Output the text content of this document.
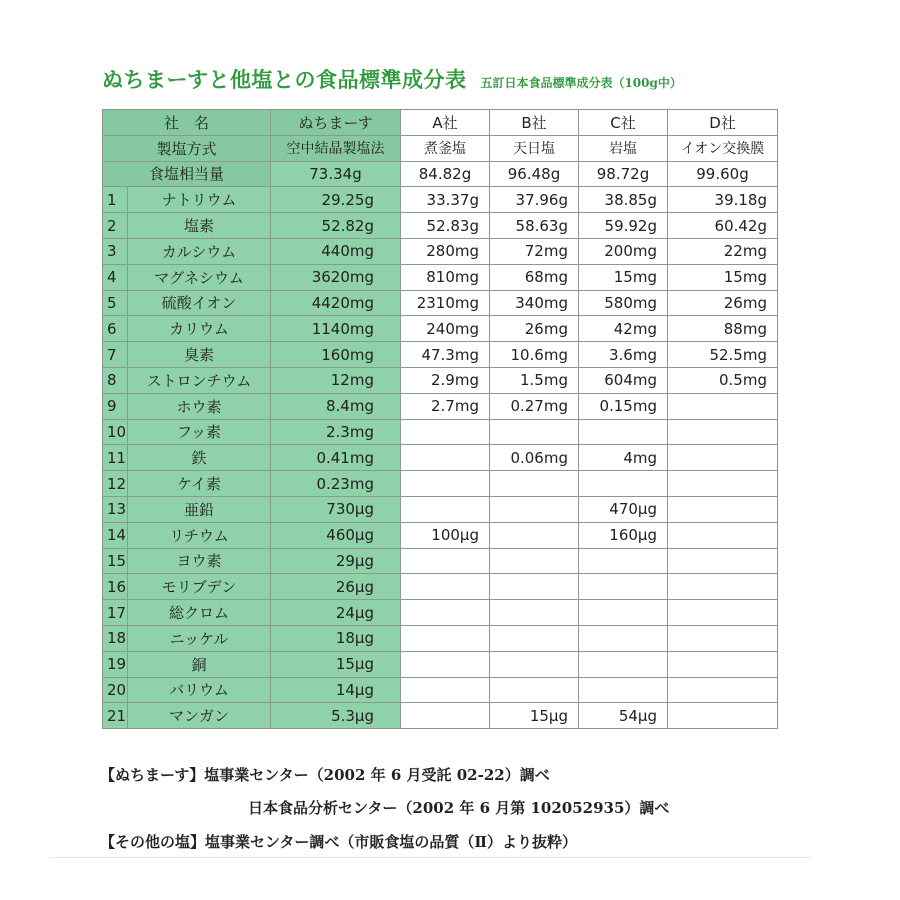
ぬちまーすと他塩との食品標準成分表 五訂日本食品標準成分表（100g中）
社　名		ぬちまーす	A社	B社	C社	D社
製塩方式		空中結晶製塩法	煮釜塩	天日塩	岩塩	イオン交換膜
食塩相当量		73.34g	84.82g	96.48g	98.72g	99.60g
1	ナトリウム	29.25g	33.37g	37.96g	38.85g	39.18g
2	塩素	52.82g	52.83g	58.63g	59.92g	60.42g
3	カルシウム	440mg	280mg	72mg	200mg	22mg
4	マグネシウム	3620mg	810mg	68mg	15mg	15mg
5	硫酸イオン	4420mg	2310mg	340mg	580mg	26mg
6	カリウム	1140mg	240mg	26mg	42mg	88mg
7	臭素	160mg	47.3mg	10.6mg	3.6mg	52.5mg
8	ストロンチウム	12mg	2.9mg	1.5mg	604mg	0.5mg
9	ホウ素	8.4mg	2.7mg	0.27mg	0.15mg	
10	フッ素	2.3mg				
11	鉄	0.41mg		0.06mg	4mg	
12	ケイ素	0.23mg				
13	亜鉛	730μg			470μg	
14	リチウム	460μg	100μg		160μg	
15	ヨウ素	29μg				
16	モリブデン	26μg				
17	総クロム	24μg				
18	ニッケル	18μg				
19	銅	15μg				
20	バリウム	14μg				
21	マンガン	5.3μg		15μg	54μg	
【ぬちまーす】塩事業センター（2002 年 6 月受託 02-22）調べ
日本食品分析センター（2002 年 6 月第 102052935）調べ
【その他の塩】塩事業センター調べ（市販食塩の品質（Ⅱ）より抜粋）
